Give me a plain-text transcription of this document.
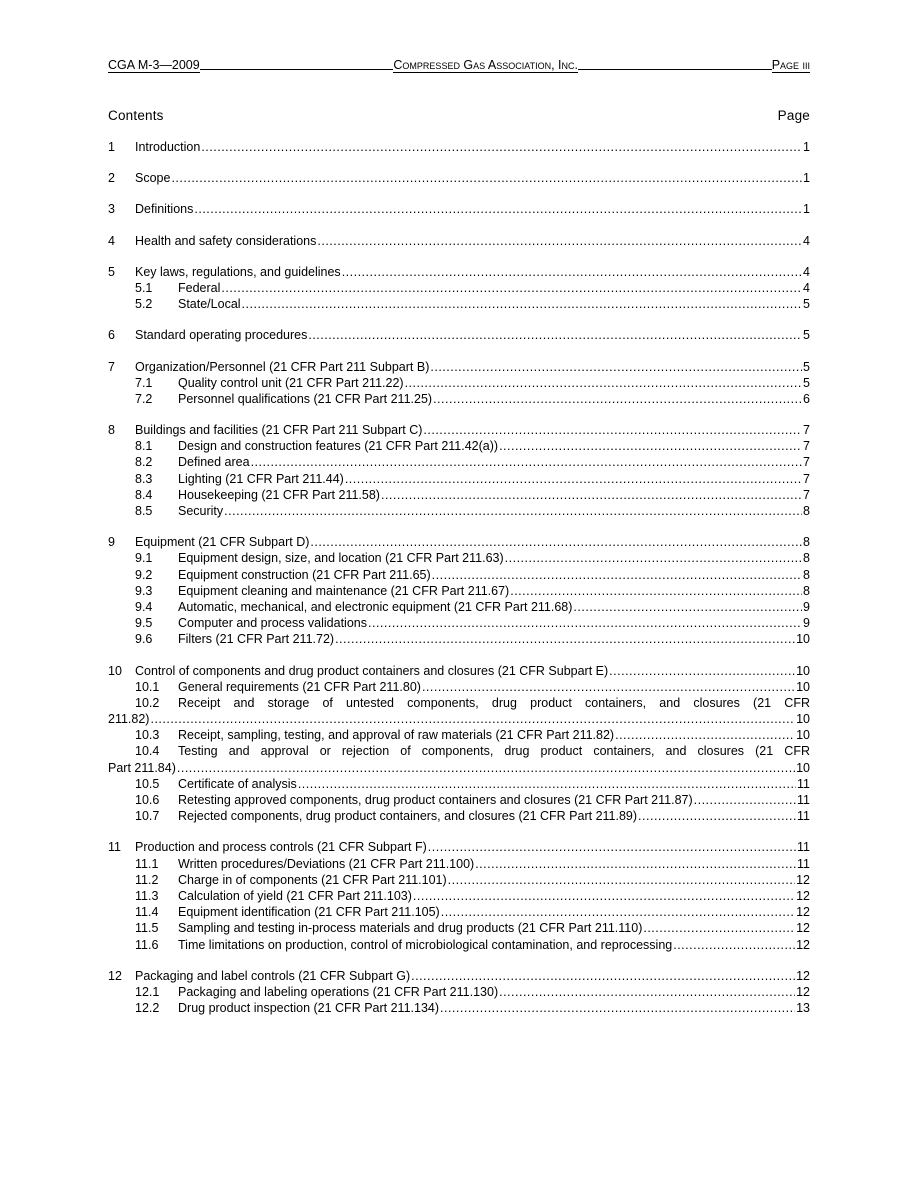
CGA M-3—2009	Compressed Gas Association, Inc.	Page iii
Contents	Page
1	Introduction .....	1
2	Scope .....	1
3	Definitions .....	1
4	Health and safety considerations .....	4
5	Key laws, regulations, and guidelines .....	4
5.1	Federal .....	4
5.2	State/Local .....	5
6	Standard operating procedures .....	5
7	Organization/Personnel (21 CFR Part 211 Subpart B) .....	5
7.1	Quality control unit (21 CFR Part 211.22) .....	5
7.2	Personnel qualifications (21 CFR Part 211.25) .....	6
8	Buildings and facilities (21 CFR Part 211 Subpart C) .....	7
8.1	Design and construction features (21 CFR Part 211.42(a)) .....	7
8.2	Defined area .....	7
8.3	Lighting (21 CFR Part 211.44) .....	7
8.4	Housekeeping (21 CFR Part 211.58) .....	7
8.5	Security .....	8
9	Equipment (21 CFR Subpart D) .....	8
9.1	Equipment design, size, and location (21 CFR Part 211.63) .....	8
9.2	Equipment construction (21 CFR Part 211.65) .....	8
9.3	Equipment cleaning and maintenance (21 CFR Part 211.67) .....	8
9.4	Automatic, mechanical, and electronic equipment (21 CFR Part 211.68) .....	9
9.5	Computer and process validations .....	9
9.6	Filters (21 CFR Part 211.72) .....	10
10	Control of components and drug product containers and closures (21 CFR Subpart E) .....	10
10.1	General requirements (21 CFR Part 211.80) .....	10
10.2	Receipt and storage of untested components, drug product containers, and closures (21 CFR
211.82) .....	10
10.3	Receipt, sampling, testing, and approval of raw materials (21 CFR Part 211.82) .....	10
10.4	Testing and approval or rejection of components, drug product containers, and closures (21 CFR
Part 211.84) .....	10
10.5	Certificate of analysis .....	11
10.6	Retesting approved components, drug product containers and closures (21 CFR Part 211.87) .....	11
10.7	Rejected components, drug product containers, and closures (21 CFR Part 211.89) .....	11
11	Production and process controls (21 CFR Subpart F) .....	11
11.1	Written procedures/Deviations (21 CFR Part 211.100) .....	11
11.2	Charge in of components (21 CFR Part 211.101) .....	12
11.3	Calculation of yield (21 CFR Part 211.103) .....	12
11.4	Equipment identification (21 CFR Part 211.105) .....	12
11.5	Sampling and testing in-process materials and drug products (21 CFR Part 211.110) .....	12
11.6	Time limitations on production, control of microbiological contamination, and reprocessing .....	12
12	Packaging and label controls (21 CFR Subpart G) .....	12
12.1	Packaging and labeling operations (21 CFR Part 211.130) .....	12
12.2	Drug product inspection (21 CFR Part 211.134) .....	13
